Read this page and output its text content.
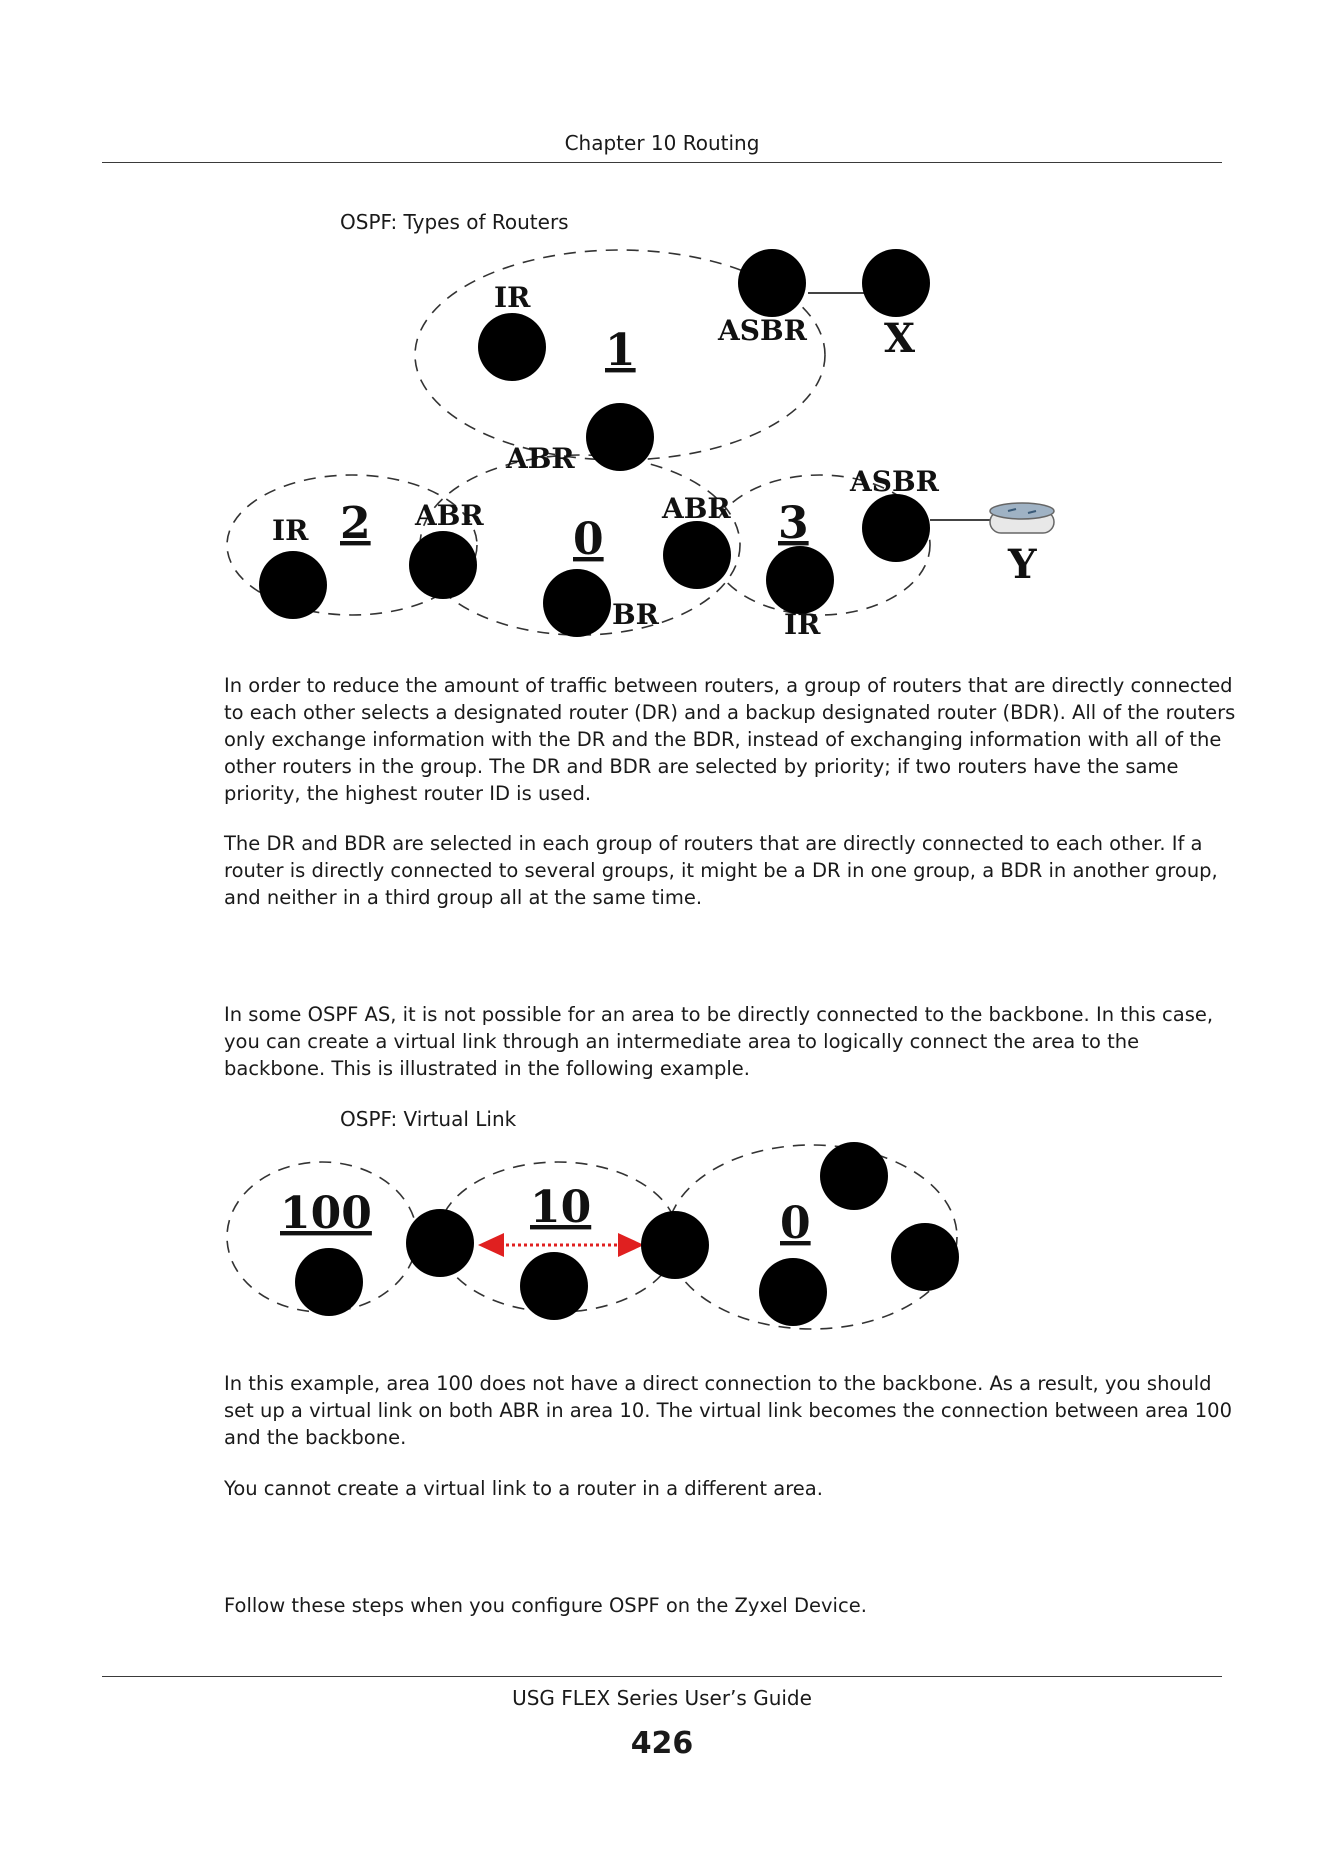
Chapter 10 Routing
OSPF: Types of Routers
IR
1	ASBR X
ABR
IR 2 ABR 0
ABR
BR
3
ASBR
IR
Y

In order to reduce the amount of traffic between routers, a group of routers that are directly connected to each other selects a designated router (DR) and a backup designated router (BDR). All of the routers only exchange information with the DR and the BDR, instead of exchanging information with all of the other routers in the group. The DR and BDR are selected by priority; if two routers have the same priority, the highest router ID is used.

The DR and BDR are selected in each group of routers that are directly connected to each other. If a router is directly connected to several groups, it might be a DR in one group, a BDR in another group, and neither in a third group all at the same time.

In some OSPF AS, it is not possible for an area to be directly connected to the backbone. In this case, you can create a virtual link through an intermediate area to logically connect the area to the backbone. This is illustrated in the following example.

OSPF: Virtual Link
100	10	0

In this example, area 100 does not have a direct connection to the backbone. As a result, you should set up a virtual link on both ABR in area 10. The virtual link becomes the connection between area 100 and the backbone.

You cannot create a virtual link to a router in a different area.

Follow these steps when you configure OSPF on the Zyxel Device.

USG FLEX Series User’s Guide
426
